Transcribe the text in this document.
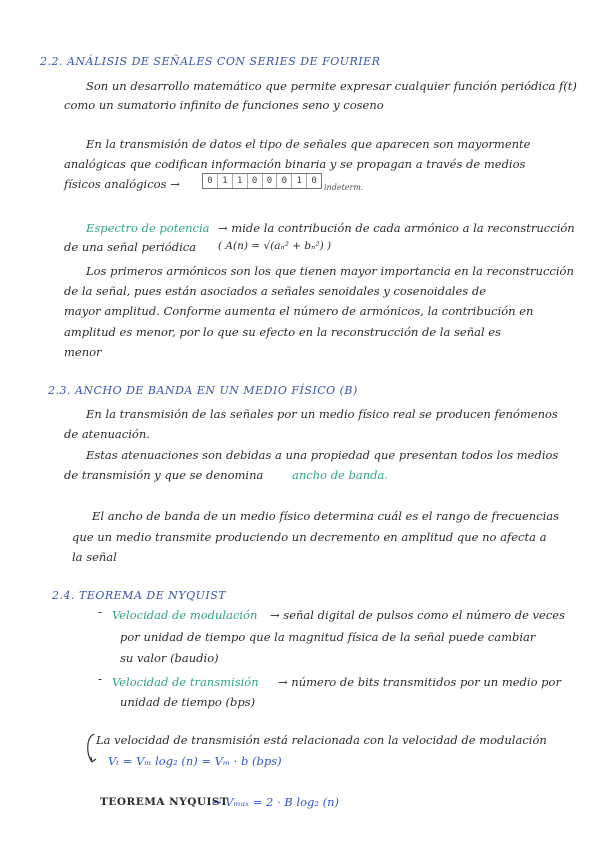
2.2. ANÁLISIS DE SEÑALES CON SERIES DE FOURIER
Son un desarrollo matemático que permite expresar cualquier función periódica f(t)
como un sumatorio infinito de funciones seno y coseno
En la transmisión de datos el tipo de señales que aparecen son mayormente
analógicas que codifican información binaria y se propagan a través de medios
físicos analógicos →	0	1	1	0	0	0	1	0
indeterm.
Espectro de potencia → mide la contribución de cada armónico a la reconstrucción
de una señal periódica ( A(n) = √(aₙ² + bₙ²) )
Los primeros armónicos son los que tienen mayor importancia en la reconstrucción
de la señal, pues están asociados a señales senoidales y cosenoidales de
mayor amplitud. Conforme aumenta el número de armónicos, la contribución en
amplitud es menor, por lo que su efecto en la reconstrucción de la señal es
menor
2.3. ANCHO DE BANDA EN UN MEDIO FÍSICO (B)
En la transmisión de las señales por un medio físico real se producen fenómenos
de atenuación.
Estas atenuaciones son debidas a una propiedad que presentan todos los medios
de transmisión y que se denomina ancho de banda.
El ancho de banda de un medio físico determina cuál es el rango de frecuencias
que un medio transmite produciendo un decremento en amplitud que no afecta a
la señal
2.4. TEOREMA DE NYQUIST
- Velocidad de modulación → señal digital de pulsos como el número de veces
por unidad de tiempo que la magnitud física de la señal puede cambiar
su valor (baudio)
- Velocidad de transmisión → número de bits transmitidos por un medio por
unidad de tiempo (bps)
La velocidad de transmisión está relacionada con la velocidad de modulación
Vₜ = Vₘ log₂ (n) = Vₘ · b (bps)
TEOREMA NYQUIST
→ Vₘₐₓ = 2 · B log₂ (n)
